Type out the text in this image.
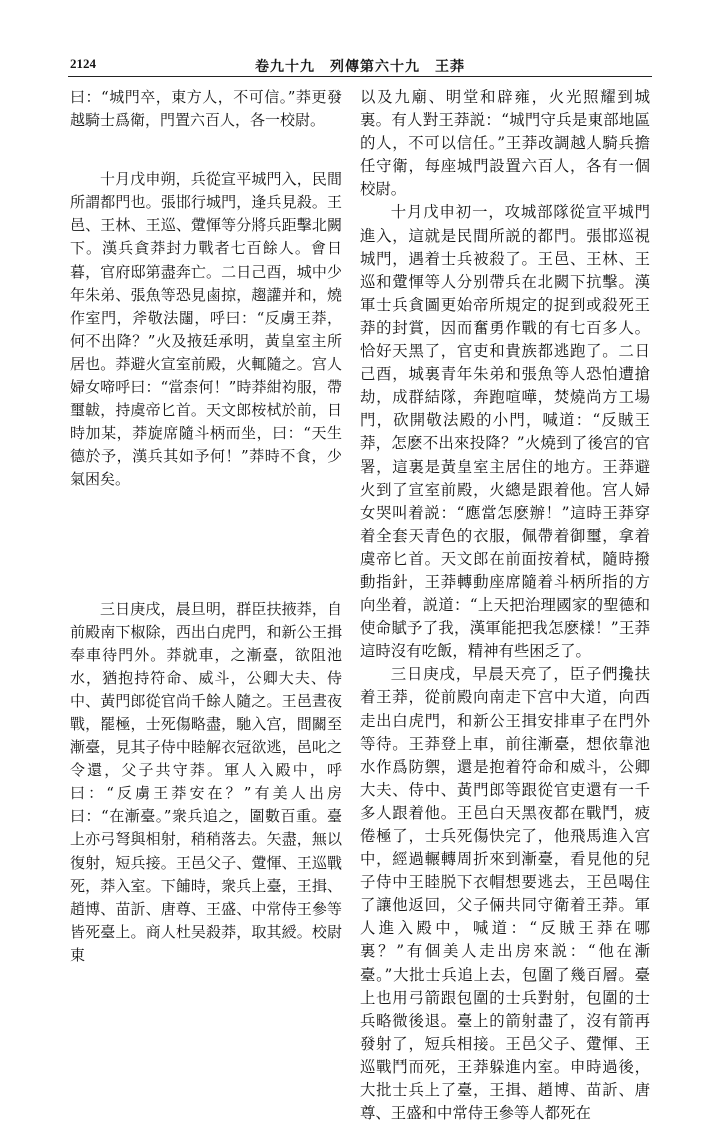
2124	卷九十九　列傳第六十九　王莽

曰：“城門卒，東方人，不可信。”莽更發越騎士爲衛，門置六百人，各一校尉。

十月戊申朔，兵從宣平城門入，民間所謂都門也。張邯行城門，逢兵見殺。王邑、王林、王巡、䠠惲等分將兵距擊北闕下。漢兵貪莽封力戰者七百餘人。會日暮，官府邸第盡奔亡。二日己酉，城中少年朱弟、張魚等恐見鹵掠，趨讙并和，燒作室門，斧敬法闥，呼曰：“反虜王莽，何不出降？”火及掖廷承明，黃皇室主所居也。莽避火宣室前殿，火輒隨之。宫人婦女啼呼曰：“當柰何！”時莽紺袀服，帶璽韍，持虞帝匕首。天文郎桉栻於前，日時加某，莽旋席隨斗柄而坐，曰：“天生德於予，漢兵其如予何！”莽時不食，少氣困矣。

三日庚戌，晨旦明，群臣扶掖莽，自前殿南下椒除，西出白虎門，和新公王揖奉車待門外。莽就車，之漸臺，欲阻池水，猶抱持符命、威斗，公卿大夫、侍中、黃門郎從官尚千餘人隨之。王邑晝夜戰，罷極，士死傷略盡，馳入宫，間關至漸臺，見其子侍中睦解衣冠欲逃，邑叱之令還，父子共守莽。軍人入殿中，呼曰：“反虜王莽安在？”有美人出房曰：“在漸臺。”衆兵追之，圍數百重。臺上亦弓弩與相射，稍稍落去。矢盡，無以復射，短兵接。王邑父子、䠠惲、王巡戰死，莽入室。下餔時，衆兵上臺，王揖、趙博、苗訢、唐尊、王盛、中常侍王參等皆死臺上。商人杜吴殺莽，取其綬。校尉東

以及九廟、明堂和辟雍，火光照耀到城裏。有人對王莽説：“城門守兵是東部地區的人，不可以信任。”王莽改調越人騎兵擔任守衛，每座城門設置六百人，各有一個校尉。

十月戊申初一，攻城部隊從宣平城門進入，這就是民間所説的都門。張邯巡視城門，遇着士兵被殺了。王邑、王林、王巡和䠠惲等人分别帶兵在北闕下抗擊。漢軍士兵貪圖更始帝所規定的捉到或殺死王莽的封賞，因而奮勇作戰的有七百多人。恰好天黑了，官吏和貴族都逃跑了。二日己酉，城裏青年朱弟和張魚等人恐怕遭搶劫，成群結隊，奔跑喧嘩，焚燒尚方工場門，砍開敬法殿的小門，喊道：“反賊王莽，怎麽不出來投降？”火燒到了後宫的官署，這裏是黃皇室主居住的地方。王莽避火到了宣室前殿，火總是跟着他。宫人婦女哭叫着説：“應當怎麽辦！”這時王莽穿着全套天青色的衣服，佩帶着御璽，拿着虞帝匕首。天文郎在前面按着栻，隨時撥動指針，王莽轉動座席隨着斗柄所指的方向坐着，説道：“上天把治理國家的聖德和使命賦予了我，漢軍能把我怎麽樣！”王莽這時沒有吃飯，精神有些困乏了。

三日庚戌，早晨天亮了，臣子們攙扶着王莽，從前殿向南走下宫中大道，向西走出白虎門，和新公王揖安排車子在門外等待。王莽登上車，前往漸臺，想依靠池水作爲防禦，還是抱着符命和威斗，公卿大夫、侍中、黃門郎等跟從官吏還有一千多人跟着他。王邑白天黑夜都在戰鬥，疲倦極了，士兵死傷快完了，他飛馬進入宫中，經過輾轉周折來到漸臺，看見他的兒子侍中王睦脱下衣帽想要逃去，王邑喝住了讓他返回，父子倆共同守衛着王莽。軍人進入殿中，喊道：“反賊王莽在哪裏？”有個美人走出房來説：“他在漸臺。”大批士兵追上去，包圍了幾百層。臺上也用弓箭跟包圍的士兵對射，包圍的士兵略微後退。臺上的箭射盡了，沒有箭再發射了，短兵相接。王邑父子、䠠惲、王巡戰鬥而死，王莽躲進内室。申時過後，大批士兵上了臺，王揖、趙博、苗訢、唐尊、王盛和中常侍王參等人都死在
